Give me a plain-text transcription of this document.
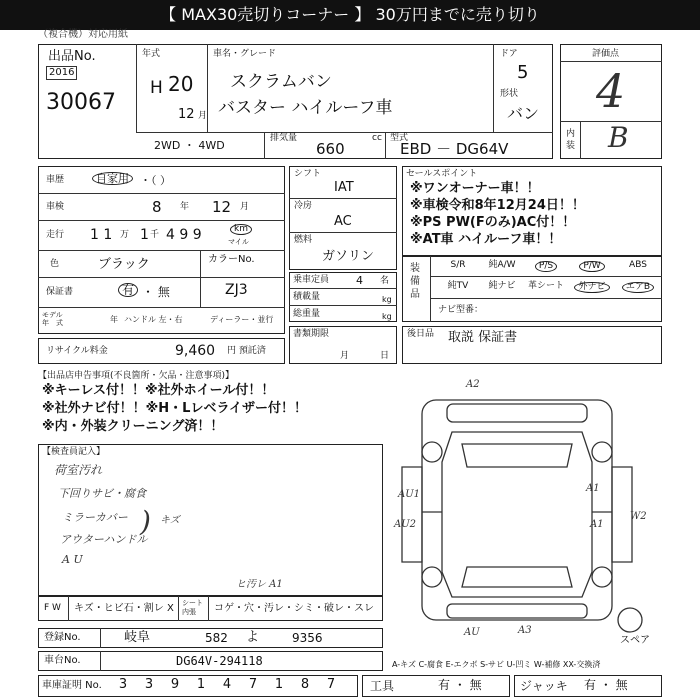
【 MAX30売切りコーナー 】 30万円までに売り切り
（複合機）対応用紙
出品No.
2016
30067
年式
H 20
12 月
車名・グレード
スクラムバン
バスター ハイルーフ車
ドア
5
形状
バン
2WD ・ 4WD
排気量	cc
660
型式
EBD － DG64V
評価点
4
内装 B
車歴	自家用	・（ ）
車検	8 年 12 月
走行 1 1 万 1 千 4 9 9	km
マイル
色	ブラック	カラーNo.
ZJ3
保証書	有 ・ 無
モデル
年　式	年 ハンドル 左・右	ディーラー・並行
リサイクル料金	9,460 円 預託済
シフト
IAT
冷房
AC
燃料
ガソリン
乗車定員 4 名
積載量	kg
総重量	kg
書類期限
月	日
セールスポイント
※ワンオーナー車！！
※車検令和8年12月24日！！
※PS PW(Fのみ)AC付！！
※AT車 ハイルーフ車！！
装備品
S/R	純A/W	P/S	P/W	ABS
純TV	純ナビ	革シート	外ナビ	エアB
ナビ型番：
後日品 取説 保証書
【出品店申告事項(不良箇所・欠品・注意事項)】
※キーレス付！！※社外ホイール付！！
※社外ナビ付！！※H・Lレベライザー付！！
※内・外装クリーニング済！！
【検査員記入】
荷室汚れ
下回りサビ・腐食
ミラーカバー
アウターハンドル
A U
キズ
)
F W キズ・ヒビ石・割レ X シート
内張	コゲ・穴・汚レ・シミ・破レ・スレ
ヒ汚レ A1
A2
AU1
A1
AU2	A1
W2
AU	A3
スペア
登録No.	岐阜	582 よ	9356
車台No.	DG64V-294118	A-キズ C-腐食 E-エクボ S-サビ U-凹ミ W-補修 XX-交換済
車庫証明 No.	3	3	9	1	4	7	1	8	7	工具	有 ・ 無	ジャッキ 有 ・ 無
